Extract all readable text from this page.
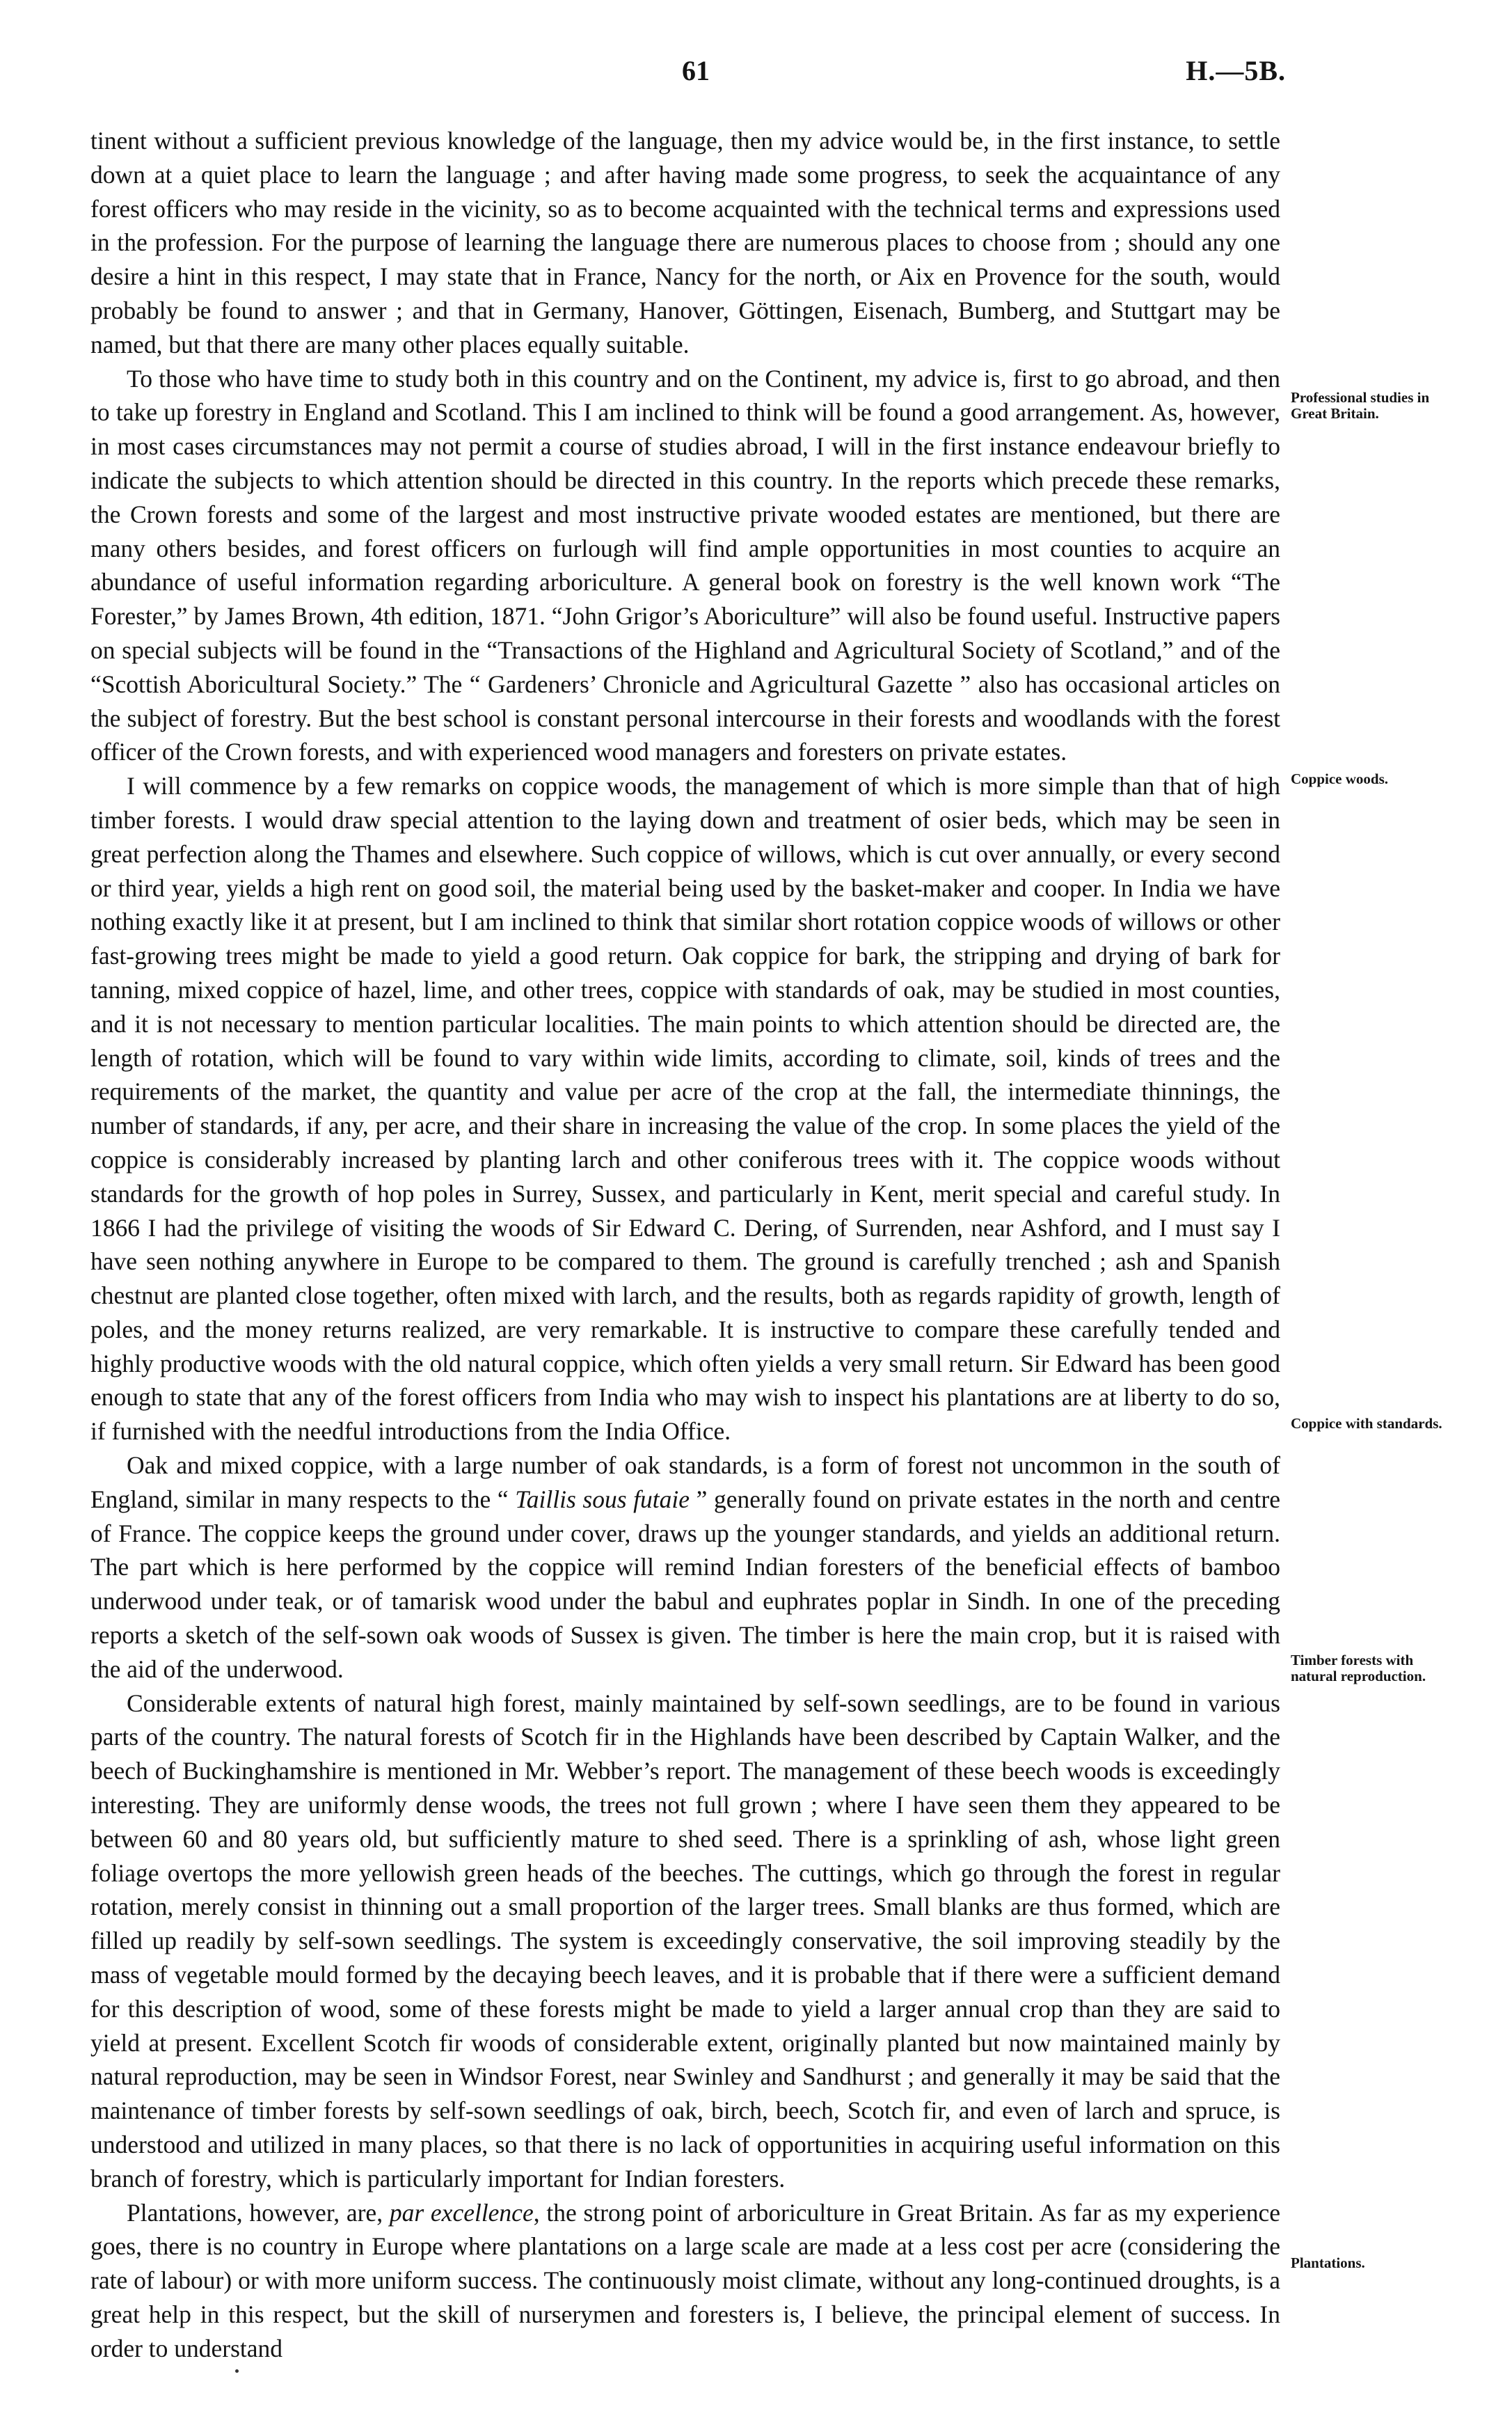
61	H.—5B.

tinent without a sufficient previous knowledge of the language, then my advice would be, in the first instance, to settle down at a quiet place to learn the language ; and after having made some progress, to seek the acquaintance of any forest officers who may reside in the vicinity, so as to become acquainted with the technical terms and expressions used in the profession. For the purpose of learning the language there are numerous places to choose from ; should any one desire a hint in this respect, I may state that in France, Nancy for the north, or Aix en Provence for the south, would probably be found to answer ; and that in Germany, Hanover, Göttingen, Eisenach, Bumberg, and Stuttgart may be named, but that there are many other places equally suitable.

To those who have time to study both in this country and on the Continent, my advice is, first to go abroad, and then to take up forestry in England and Scotland. This I am inclined to think will be found a good arrangement. As, however, in most cases circumstances may not permit a course of studies abroad, I will in the first instance endeavour briefly to indicate the subjects to which attention should be directed in this country. In the reports which precede these remarks, the Crown forests and some of the largest and most instructive private wooded estates are mentioned, but there are many others besides, and forest officers on furlough will find ample opportunities in most counties to acquire an abundance of useful information regarding arboriculture. A general book on forestry is the well known work “The Forester,” by James Brown, 4th edition, 1871. “John Grigor’s Aboriculture” will also be found useful. Instructive papers on special subjects will be found in the “Transactions of the Highland and Agricultural Society of Scotland,” and of the “Scottish Aboricultural Society.” The “ Gardeners’ Chronicle and Agricultural Gazette ” also has occasional articles on the subject of forestry. But the best school is constant personal intercourse in their forests and woodlands with the forest officer of the Crown forests, and with experienced wood managers and foresters on private estates.

I will commence by a few remarks on coppice woods, the management of which is more simple than that of high timber forests. I would draw special attention to the laying down and treatment of osier beds, which may be seen in great perfection along the Thames and elsewhere. Such coppice of willows, which is cut over annually, or every second or third year, yields a high rent on good soil, the material being used by the basket-maker and cooper. In India we have nothing exactly like it at present, but I am inclined to think that similar short rotation coppice woods of willows or other fast-growing trees might be made to yield a good return. Oak coppice for bark, the stripping and drying of bark for tanning, mixed coppice of hazel, lime, and other trees, coppice with standards of oak, may be studied in most counties, and it is not necessary to mention particular localities. The main points to which attention should be directed are, the length of rotation, which will be found to vary within wide limits, according to climate, soil, kinds of trees and the requirements of the market, the quantity and value per acre of the crop at the fall, the intermediate thinnings, the number of standards, if any, per acre, and their share in increasing the value of the crop. In some places the yield of the coppice is considerably increased by planting larch and other coniferous trees with it. The coppice woods without standards for the growth of hop poles in Surrey, Sussex, and particularly in Kent, merit special and careful study. In 1866 I had the privilege of visiting the woods of Sir Edward C. Dering, of Surrenden, near Ashford, and I must say I have seen nothing anywhere in Europe to be compared to them. The ground is carefully trenched ; ash and Spanish chestnut are planted close together, often mixed with larch, and the results, both as regards rapidity of growth, length of poles, and the money returns realized, are very remarkable. It is instructive to compare these carefully tended and highly productive woods with the old natural coppice, which often yields a very small return. Sir Edward has been good enough to state that any of the forest officers from India who may wish to inspect his plantations are at liberty to do so, if furnished with the needful introductions from the India Office.

Oak and mixed coppice, with a large number of oak standards, is a form of forest not uncommon in the south of England, similar in many respects to the “ Taillis sous futaie ” generally found on private estates in the north and centre of France. The coppice keeps the ground under cover, draws up the younger standards, and yields an additional return. The part which is here performed by the coppice will remind Indian foresters of the beneficial effects of bamboo underwood under teak, or of tamarisk wood under the babul and euphrates poplar in Sindh. In one of the preceding reports a sketch of the self-sown oak woods of Sussex is given. The timber is here the main crop, but it is raised with the aid of the underwood.

Considerable extents of natural high forest, mainly maintained by self-sown seedlings, are to be found in various parts of the country. The natural forests of Scotch fir in the Highlands have been described by Captain Walker, and the beech of Buckinghamshire is mentioned in Mr. Webber’s report. The management of these beech woods is exceedingly interesting. They are uniformly dense woods, the trees not full grown ; where I have seen them they appeared to be between 60 and 80 years old, but sufficiently mature to shed seed. There is a sprinkling of ash, whose light green foliage overtops the more yellowish green heads of the beeches. The cuttings, which go through the forest in regular rotation, merely consist in thinning out a small proportion of the larger trees. Small blanks are thus formed, which are filled up readily by self-sown seedlings. The system is exceedingly conservative, the soil improving steadily by the mass of vegetable mould formed by the decaying beech leaves, and it is probable that if there were a sufficient demand for this description of wood, some of these forests might be made to yield a larger annual crop than they are said to yield at present. Excellent Scotch fir woods of considerable extent, originally planted but now maintained mainly by natural reproduction, may be seen in Windsor Forest, near Swinley and Sandhurst ; and generally it may be said that the maintenance of timber forests by self-sown seedlings of oak, birch, beech, Scotch fir, and even of larch and spruce, is understood and utilized in many places, so that there is no lack of opportunities in acquiring useful information on this branch of forestry, which is particularly important for Indian foresters.

Plantations, however, are, par excellence, the strong point of arboriculture in Great Britain. As far as my experience goes, there is no country in Europe where plantations on a large scale are made at a less cost per acre (considering the rate of labour) or with more uniform success. The continuously moist climate, without any long-continued droughts, is a great help in this respect, but the skill of nurserymen and foresters is, I believe, the principal element of success. In order to understand

Professional studies in Great Britain.
Coppice woods.
Coppice with standards.
Timber forests with natural reproduction.
Plantations.
